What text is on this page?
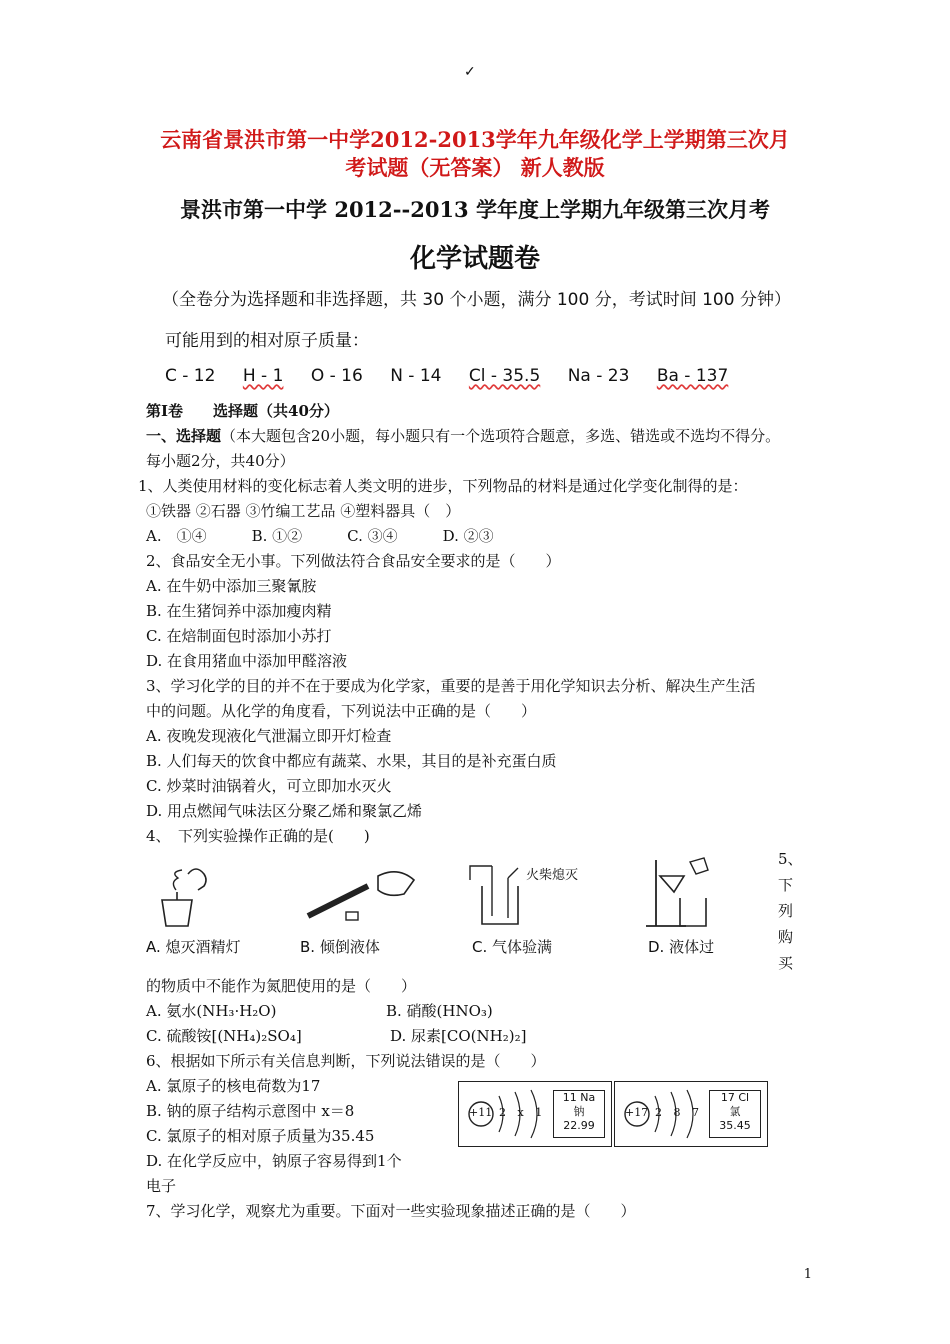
✓
云南省景洪市第一中学2012-2013学年九年级化学上学期第三次月
考试题（无答案） 新人教版
景洪市第一中学 2012--2013 学年度上学期九年级第三次月考
化学试题卷
（全卷分为选择题和非选择题，共 30 个小题，满分 100 分，考试时间 100 分钟）
可能用到的相对原子质量：
C - 12 H - 1 O - 16 N - 14 Cl - 35.5 Na - 23 Ba - 137
第Ⅰ卷　　选择题（共40分）
一、选择题（本大题包含20小题，每小题只有一个选项符合题意，多选、错选或不选均不得分。
每小题2分，共40分）
1、人类使用材料的变化标志着人类文明的进步，下列物品的材料是通过化学变化制得的是：
①铁器 ②石器 ③竹编工艺品 ④塑料器具（　）
A.　①④　　　B. ①②　　　C. ③④　　　D. ②③
2、食品安全无小事。下列做法符合食品安全要求的是（　　）
A. 在牛奶中添加三聚氰胺
B. 在生猪饲养中添加瘦肉精
C. 在焙制面包时添加小苏打
D. 在食用猪血中添加甲醛溶液
3、学习化学的目的并不在于要成为化学家，重要的是善于用化学知识去分析、解决生产生活
中的问题。从化学的角度看，下列说法中正确的是（　　）
A. 夜晚发现液化气泄漏立即开灯检查
B. 人们每天的饮食中都应有蔬菜、水果，其目的是补充蛋白质
C. 炒菜时油锅着火，可立即加水灭火
D. 用点燃闻气味法区分聚乙烯和聚氯乙烯
4、　下列实验操作正确的是(　　)
A. 熄灭酒精灯	B. 倾倒液体
火柴熄灭
C. 气体验满	D. 液体过
5、
下
列
购
买
的物质中不能作为氮肥使用的是（　　）
A. 氨水(NH₃·H₂O)	B. 硝酸(HNO₃)
C. 硫酸铵[(NH₄)₂SO₄]	D. 尿素[CO(NH₂)₂]
6、根据如下所示有关信息判断，下列说法错误的是（　　）
A. 氯原子的核电荷数为17
B. 钠的原子结构示意图中 x＝8
C. 氯原子的相对原子质量为35.45
D. 在化学反应中，钠原子容易得到1个
电子
+11 2 x 1
11 Na
钠
22.99
+17 2 8 7
17 Cl
氯
35.45
7、学习化学，观察尤为重要。下面对一些实验现象描述正确的是（　　）
1
